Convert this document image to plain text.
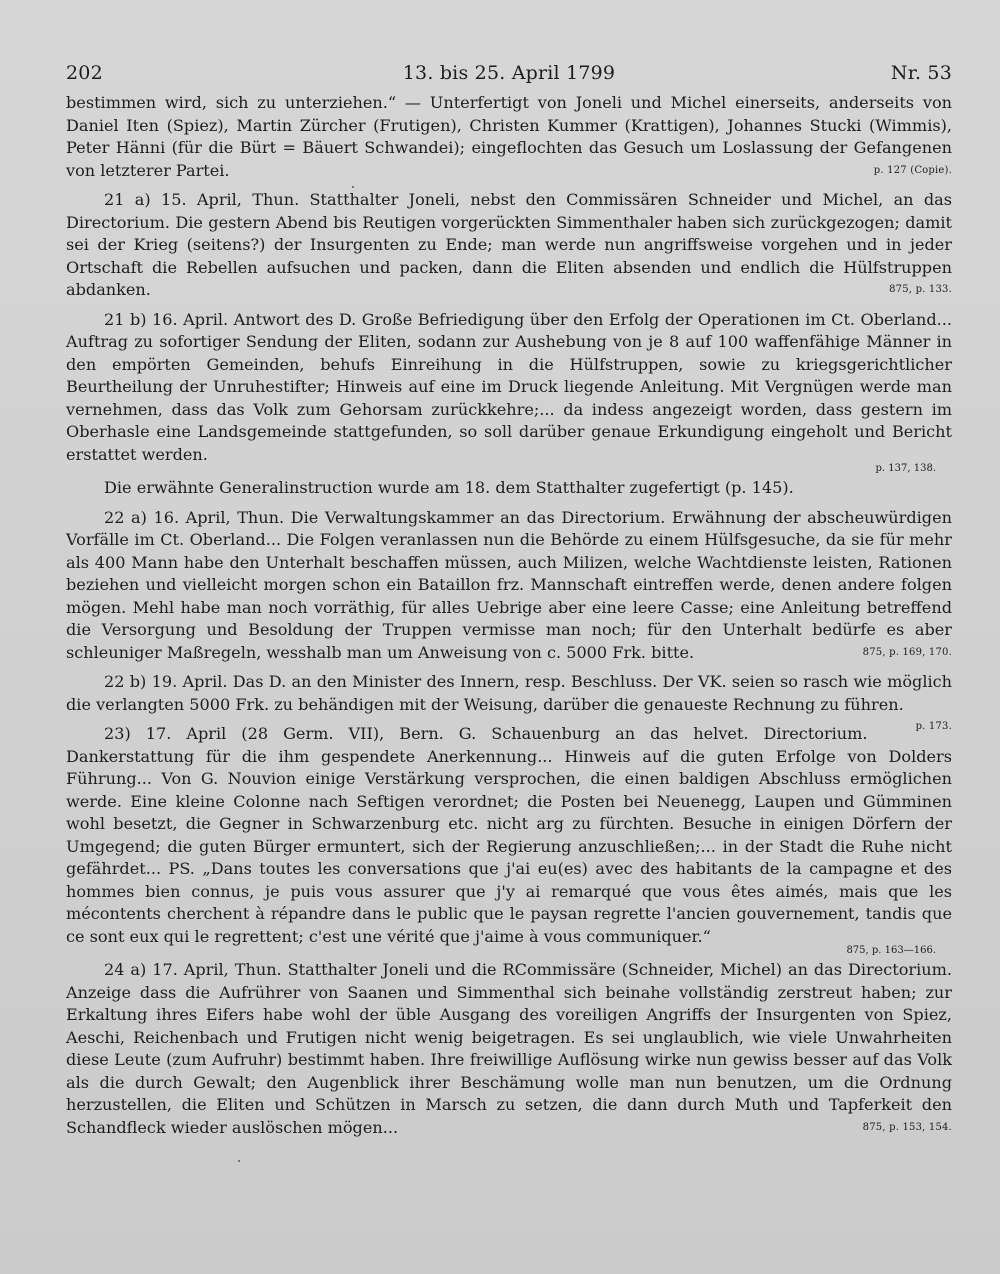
202	13. bis 25. April 1799	Nr. 53

bestimmen wird, sich zu unterziehen.“ — Unterfertigt von Joneli und Michel einerseits, anderseits von Daniel Iten (Spiez), Martin Zürcher (Frutigen), Christen Kummer (Krattigen), Johannes Stucki (Wimmis), Peter Hänni (für die Bürt = Bäuert Schwandei); eingeflochten das Gesuch um Loslassung der Gefangenen von letzterer Partei.	p. 127 (Copie).

21 a) 15. April, Thun. Statthalter Joneli, nebst den Commissären Schneider und Michel, an das Directorium. Die gestern Abend bis Reutigen vorgerückten Simmenthaler haben sich zurückgezogen; damit sei der Krieg (seitens?) der Insurgenten zu Ende; man werde nun angriffsweise vorgehen und in jeder Ortschaft die Rebellen aufsuchen und packen, dann die Eliten absenden und endlich die Hülfstruppen abdanken.	875, p. 133.

21 b) 16. April. Antwort des D. Große Befriedigung über den Erfolg der Operationen im Ct. Oberland... Auftrag zu sofortiger Sendung der Eliten, sodann zur Aushebung von je 8 auf 100 waffenfähige Männer in den empörten Gemeinden, behufs Einreihung in die Hülfstruppen, sowie zu kriegsgerichtlicher Beurtheilung der Unruhestifter; Hinweis auf eine im Druck liegende Anleitung. Mit Vergnügen werde man vernehmen, dass das Volk zum Gehorsam zurückkehre;... da indess angezeigt worden, dass gestern im Oberhasle eine Landsgemeinde stattgefunden, so soll darüber genaue Erkundigung eingeholt und Bericht erstattet werden.

p. 137, 138.

Die erwähnte Generalinstruction wurde am 18. dem Statthalter zugefertigt (p. 145).

22 a) 16. April, Thun. Die Verwaltungskammer an das Directorium. Erwähnung der abscheuwürdigen Vorfälle im Ct. Oberland... Die Folgen veranlassen nun die Behörde zu einem Hülfsgesuche, da sie für mehr als 400 Mann habe den Unterhalt beschaffen müssen, auch Milizen, welche Wachtdienste leisten, Rationen beziehen und vielleicht morgen schon ein Bataillon frz. Mannschaft eintreffen werde, denen andere folgen mögen. Mehl habe man noch vorräthig, für alles Uebrige aber eine leere Casse; eine Anleitung betreffend die Versorgung und Besoldung der Truppen vermisse man noch; für den Unterhalt bedürfe es aber schleuniger Maßregeln, wesshalb man um Anweisung von c. 5000 Frk. bitte.	875, p. 169, 170.

22 b) 19. April. Das D. an den Minister des Innern, resp. Beschluss. Der VK. seien so rasch wie möglich die verlangten 5000 Frk. zu behändigen mit der Weisung, darüber die genaueste Rechnung zu führen.
p. 173.

23) 17. April (28 Germ. VII), Bern. G. Schauenburg an das helvet. Directorium. Dankerstattung für die ihm gespendete Anerkennung... Hinweis auf die guten Erfolge von Dolders Führung... Von G. Nouvion einige Verstärkung versprochen, die einen baldigen Abschluss ermöglichen werde. Eine kleine Colonne nach Seftigen verordnet; die Posten bei Neuenegg, Laupen und Gümminen wohl besetzt, die Gegner in Schwarzenburg etc. nicht arg zu fürchten. Besuche in einigen Dörfern der Umgegend; die guten Bürger ermuntert, sich der Regierung anzuschließen;... in der Stadt die Ruhe nicht gefährdet... PS. „Dans toutes les conversations que j'ai eu(es) avec des habitants de la campagne et des hommes bien connus, je puis vous assurer que j'y ai remarqué que vous êtes aimés, mais que les mécontents cherchent à répandre dans le public que le paysan regrette l'ancien gouvernement, tandis que ce sont eux qui le regrettent; c'est une vérité que j'aime à vous communiquer.“

875, p. 163—166.

24 a) 17. April, Thun. Statthalter Joneli und die RCommissäre (Schneider, Michel) an das Directorium. Anzeige dass die Aufrührer von Saanen und Simmenthal sich beinahe vollständig zerstreut haben; zur Erkaltung ihres Eifers habe wohl der üble Ausgang des voreiligen Angriffs der Insurgenten von Spiez, Aeschi, Reichenbach und Frutigen nicht wenig beigetragen. Es sei unglaublich, wie viele Unwahrheiten diese Leute (zum Aufruhr) bestimmt haben. Ihre freiwillige Auflösung wirke nun gewiss besser auf das Volk als die durch Gewalt; den Augenblick ihrer Beschämung wolle man nun benutzen, um die Ordnung herzustellen, die Eliten und Schützen in Marsch zu setzen, die dann durch Muth und Tapferkeit den Schandfleck wieder auslöschen mögen...	875, p. 153, 154.
